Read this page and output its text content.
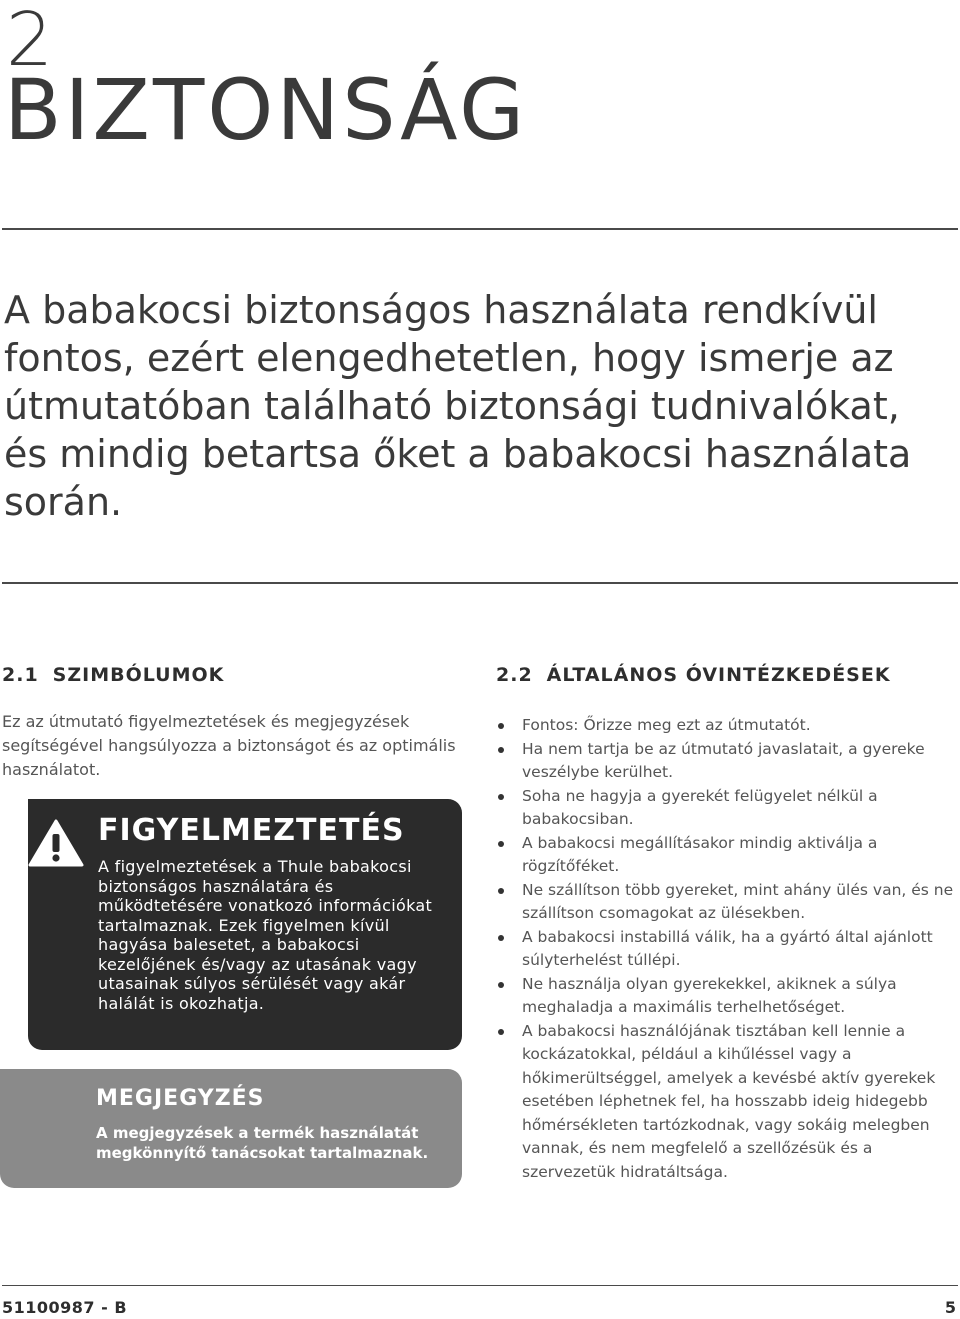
2
BIZTONSÁG
A babakocsi biztonságos használata rendkívül fontos, ezért elengedhetetlen, hogy ismerje az útmutatóban található biztonsági tudnivalókat, és mindig betartsa őket a babakocsi használata során.
2.1 SZIMBÓLUMOK
Ez az útmutató figyelmeztetések és megjegyzések segítségével hangsúlyozza a biztonságot és az optimális használatot.
FIGYELMEZTETÉS
A figyelmeztetések a Thule babakocsi biztonságos használatára és működtetésére vonatkozó információkat tartalmaznak. Ezek figyelmen kívül hagyása balesetet, a babakocsi kezelőjének és/vagy az utasának vagy utasainak súlyos sérülését vagy akár halálát is okozhatja.
MEGJEGYZÉS
A megjegyzések a termék használatát megkönnyítő tanácsokat tartalmaznak.
2.2 ÁLTALÁNOS ÓVINTÉZKEDÉSEK
Fontos: Őrizze meg ezt az útmutatót.
Ha nem tartja be az útmutató javaslatait, a gyereke veszélybe kerülhet.
Soha ne hagyja a gyerekét felügyelet nélkül a babakocsiban.
A babakocsi megállításakor mindig aktiválja a rögzítőféket.
Ne szállítson több gyereket, mint ahány ülés van, és ne szállítson csomagokat az ülésekben.
A babakocsi instabillá válik, ha a gyártó által ajánlott súlyterhelést túllépi.
Ne használja olyan gyerekekkel, akiknek a súlya meghaladja a maximális terhelhetőséget.
A babakocsi használójának tisztában kell lennie a kockázatokkal, például a kihűléssel vagy a hőkimerültséggel, amelyek a kevésbé aktív gyerekek esetében léphetnek fel, ha hosszabb ideig hidegebb hőmérsékleten tartózkodnak, vagy sokáig melegben vannak, és nem megfelelő a szellőzésük és a szervezetük hidratáltsága.
51100987 - B	5
